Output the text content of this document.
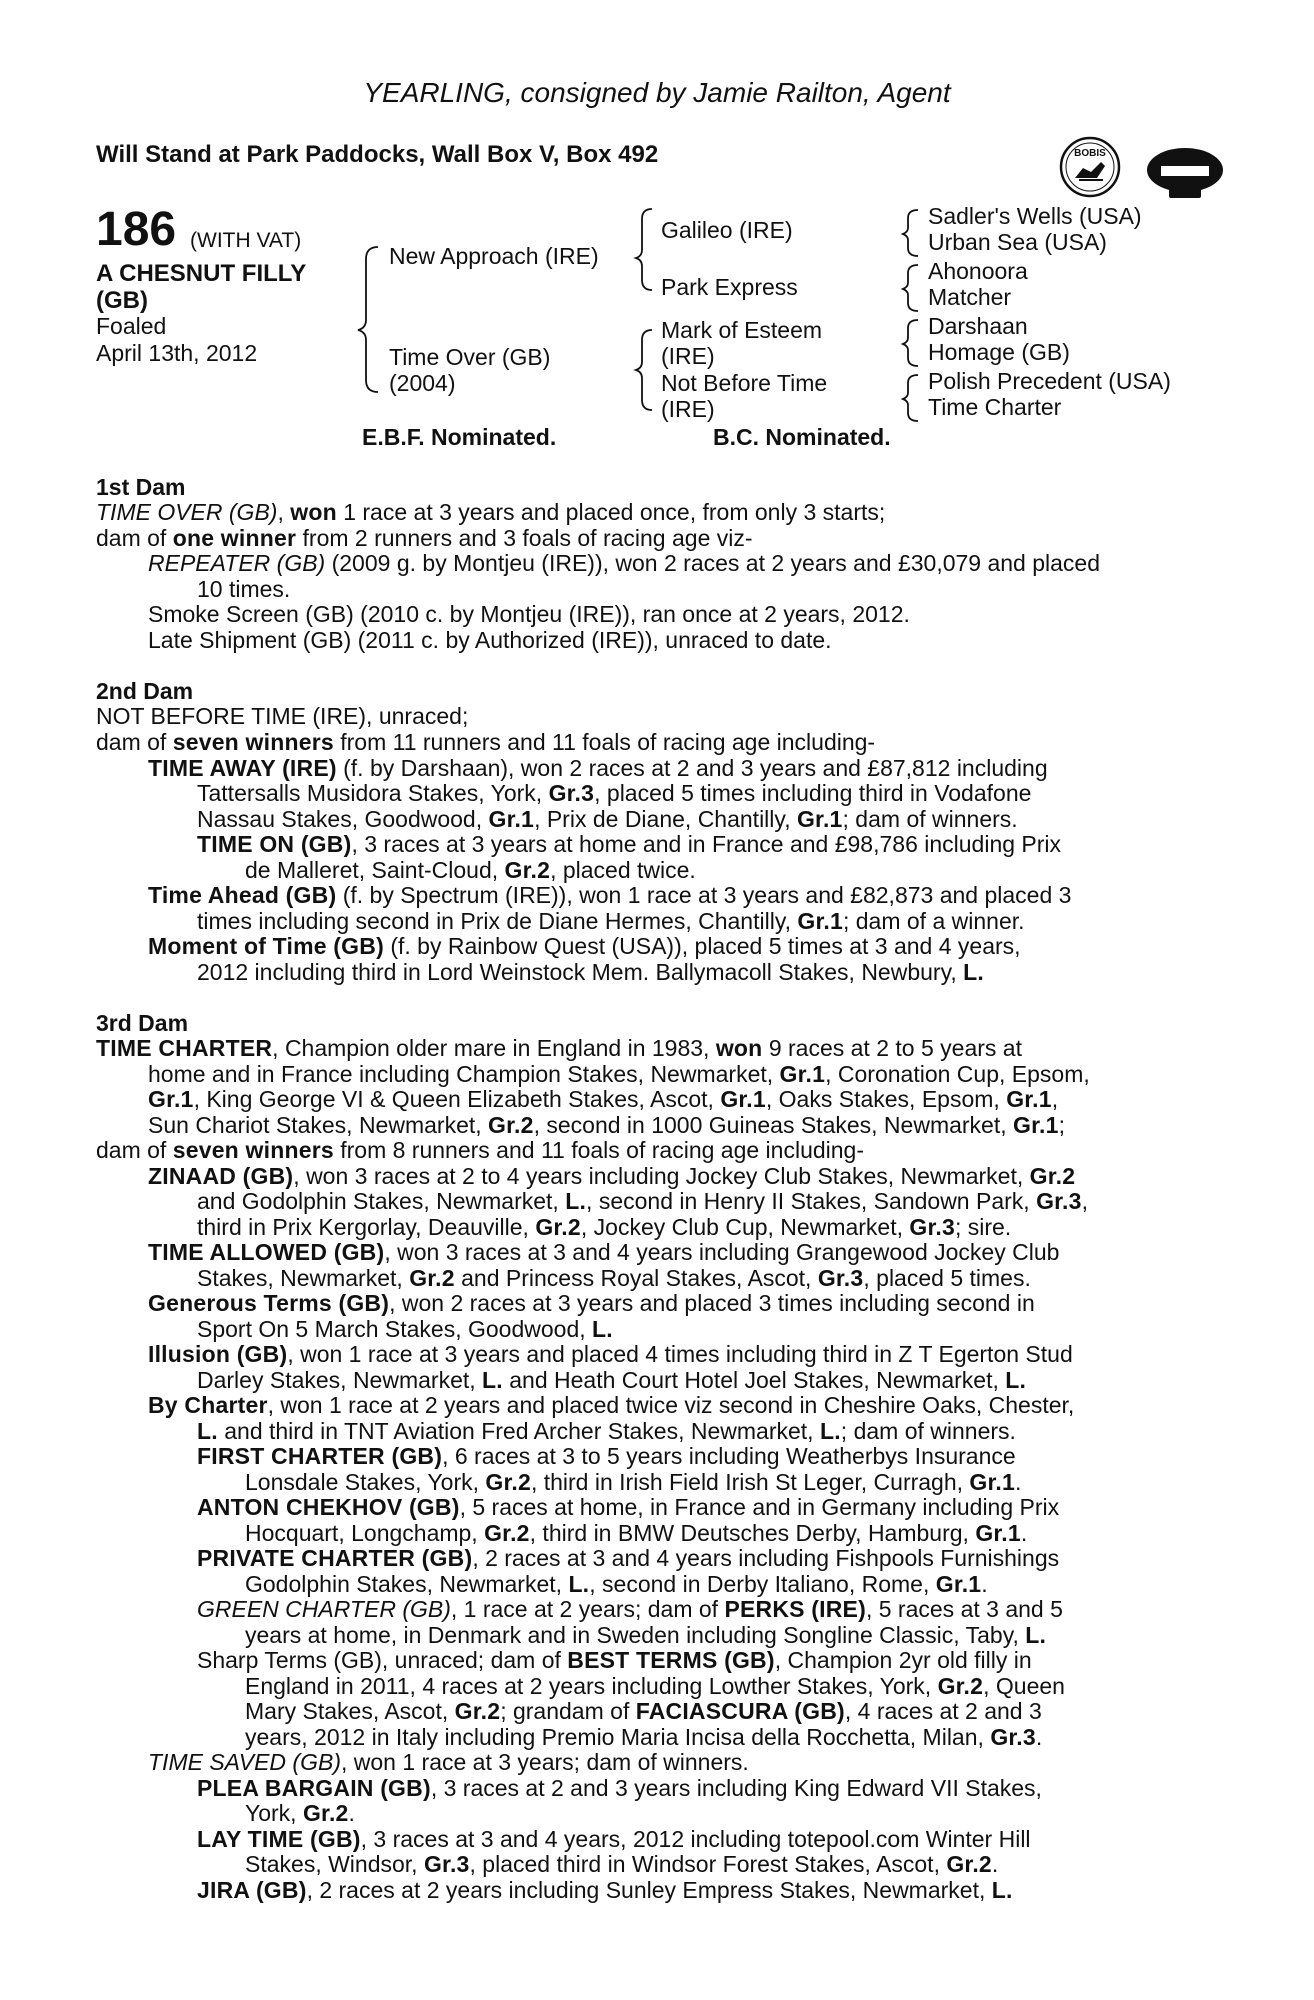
YEARLING, consigned by Jamie Railton, Agent
Will Stand at Park Paddocks, Wall Box V, Box 492	BOBIS
186 (WITH VAT)
A CHESNUT FILLY
(GB)
Foaled
April 13th, 2012
New Approach (IRE)
Time Over (GB)
(2004)
Galileo (IRE)
Park Express
Mark of Esteem
(IRE)
Not Before Time
(IRE)
Sadler's Wells (USA)
Urban Sea (USA)
Ahonoora
Matcher
Darshaan
Homage (GB)
Polish Precedent (USA)
Time Charter
E.B.F. Nominated.	B.C. Nominated.
1st Dam
TIME OVER (GB), won 1 race at 3 years and placed once, from only 3 starts;
dam of one winner from 2 runners and 3 foals of racing age viz-
REPEATER (GB) (2009 g. by Montjeu (IRE)), won 2 races at 2 years and £30,079 and placed
10 times.
Smoke Screen (GB) (2010 c. by Montjeu (IRE)), ran once at 2 years, 2012.
Late Shipment (GB) (2011 c. by Authorized (IRE)), unraced to date.
2nd Dam
NOT BEFORE TIME (IRE), unraced;
dam of seven winners from 11 runners and 11 foals of racing age including-
TIME AWAY (IRE) (f. by Darshaan), won 2 races at 2 and 3 years and £87,812 including
Tattersalls Musidora Stakes, York, Gr.3, placed 5 times including third in Vodafone
Nassau Stakes, Goodwood, Gr.1, Prix de Diane, Chantilly, Gr.1; dam of winners.
TIME ON (GB), 3 races at 3 years at home and in France and £98,786 including Prix
de Malleret, Saint-Cloud, Gr.2, placed twice.
Time Ahead (GB) (f. by Spectrum (IRE)), won 1 race at 3 years and £82,873 and placed 3
times including second in Prix de Diane Hermes, Chantilly, Gr.1; dam of a winner.
Moment of Time (GB) (f. by Rainbow Quest (USA)), placed 5 times at 3 and 4 years,
2012 including third in Lord Weinstock Mem. Ballymacoll Stakes, Newbury, L.
3rd Dam
TIME CHARTER, Champion older mare in England in 1983, won 9 races at 2 to 5 years at
home and in France including Champion Stakes, Newmarket, Gr.1, Coronation Cup, Epsom,
Gr.1, King George VI & Queen Elizabeth Stakes, Ascot, Gr.1, Oaks Stakes, Epsom, Gr.1,
Sun Chariot Stakes, Newmarket, Gr.2, second in 1000 Guineas Stakes, Newmarket, Gr.1;
dam of seven winners from 8 runners and 11 foals of racing age including-
ZINAAD (GB), won 3 races at 2 to 4 years including Jockey Club Stakes, Newmarket, Gr.2
and Godolphin Stakes, Newmarket, L., second in Henry II Stakes, Sandown Park, Gr.3,
third in Prix Kergorlay, Deauville, Gr.2, Jockey Club Cup, Newmarket, Gr.3; sire.
TIME ALLOWED (GB), won 3 races at 3 and 4 years including Grangewood Jockey Club
Stakes, Newmarket, Gr.2 and Princess Royal Stakes, Ascot, Gr.3, placed 5 times.
Generous Terms (GB), won 2 races at 3 years and placed 3 times including second in
Sport On 5 March Stakes, Goodwood, L.
Illusion (GB), won 1 race at 3 years and placed 4 times including third in Z T Egerton Stud
Darley Stakes, Newmarket, L. and Heath Court Hotel Joel Stakes, Newmarket, L.
By Charter, won 1 race at 2 years and placed twice viz second in Cheshire Oaks, Chester,
L. and third in TNT Aviation Fred Archer Stakes, Newmarket, L.; dam of winners.
FIRST CHARTER (GB), 6 races at 3 to 5 years including Weatherbys Insurance
Lonsdale Stakes, York, Gr.2, third in Irish Field Irish St Leger, Curragh, Gr.1.
ANTON CHEKHOV (GB), 5 races at home, in France and in Germany including Prix
Hocquart, Longchamp, Gr.2, third in BMW Deutsches Derby, Hamburg, Gr.1.
PRIVATE CHARTER (GB), 2 races at 3 and 4 years including Fishpools Furnishings
Godolphin Stakes, Newmarket, L., second in Derby Italiano, Rome, Gr.1.
GREEN CHARTER (GB), 1 race at 2 years; dam of PERKS (IRE), 5 races at 3 and 5
years at home, in Denmark and in Sweden including Songline Classic, Taby, L.
Sharp Terms (GB), unraced; dam of BEST TERMS (GB), Champion 2yr old filly in
England in 2011, 4 races at 2 years including Lowther Stakes, York, Gr.2, Queen
Mary Stakes, Ascot, Gr.2; grandam of FACIASCURA (GB), 4 races at 2 and 3
years, 2012 in Italy including Premio Maria Incisa della Rocchetta, Milan, Gr.3.
TIME SAVED (GB), won 1 race at 3 years; dam of winners.
PLEA BARGAIN (GB), 3 races at 2 and 3 years including King Edward VII Stakes,
York, Gr.2.
LAY TIME (GB), 3 races at 3 and 4 years, 2012 including totepool.com Winter Hill
Stakes, Windsor, Gr.3, placed third in Windsor Forest Stakes, Ascot, Gr.2.
JIRA (GB), 2 races at 2 years including Sunley Empress Stakes, Newmarket, L.
